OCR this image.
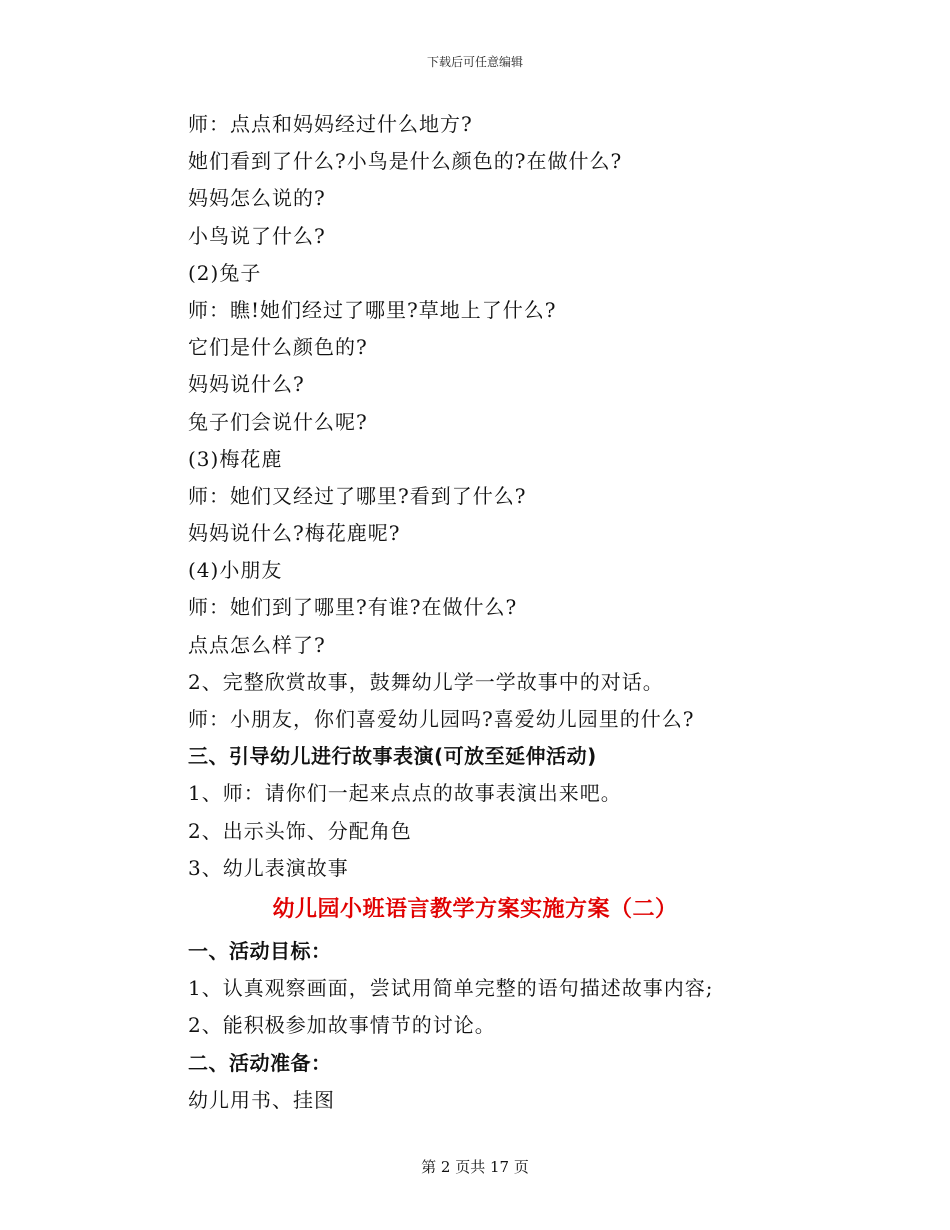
下载后可任意编辑
师：点点和妈妈经过什么地方?
她们看到了什么?小鸟是什么颜色的?在做什么?
妈妈怎么说的?
小鸟说了什么?
(2)兔子
师：瞧!她们经过了哪里?草地上了什么?
它们是什么颜色的?
妈妈说什么?
兔子们会说什么呢?
(3)梅花鹿
师：她们又经过了哪里?看到了什么?
妈妈说什么?梅花鹿呢?
(4)小朋友
师：她们到了哪里?有谁?在做什么?
点点怎么样了?
2、完整欣赏故事，鼓舞幼儿学一学故事中的对话。
师：小朋友，你们喜爱幼儿园吗?喜爱幼儿园里的什么?
三、引导幼儿进行故事表演(可放至延伸活动)
1、师：请你们一起来点点的故事表演出来吧。
2、出示头饰、分配角色
3、幼儿表演故事
幼儿园小班语言教学方案实施方案（二）
一、活动目标：
1、认真观察画面，尝试用简单完整的语句描述故事内容;
2、能积极参加故事情节的讨论。
二、活动准备：
幼儿用书、挂图
第 2 页共 17 页
